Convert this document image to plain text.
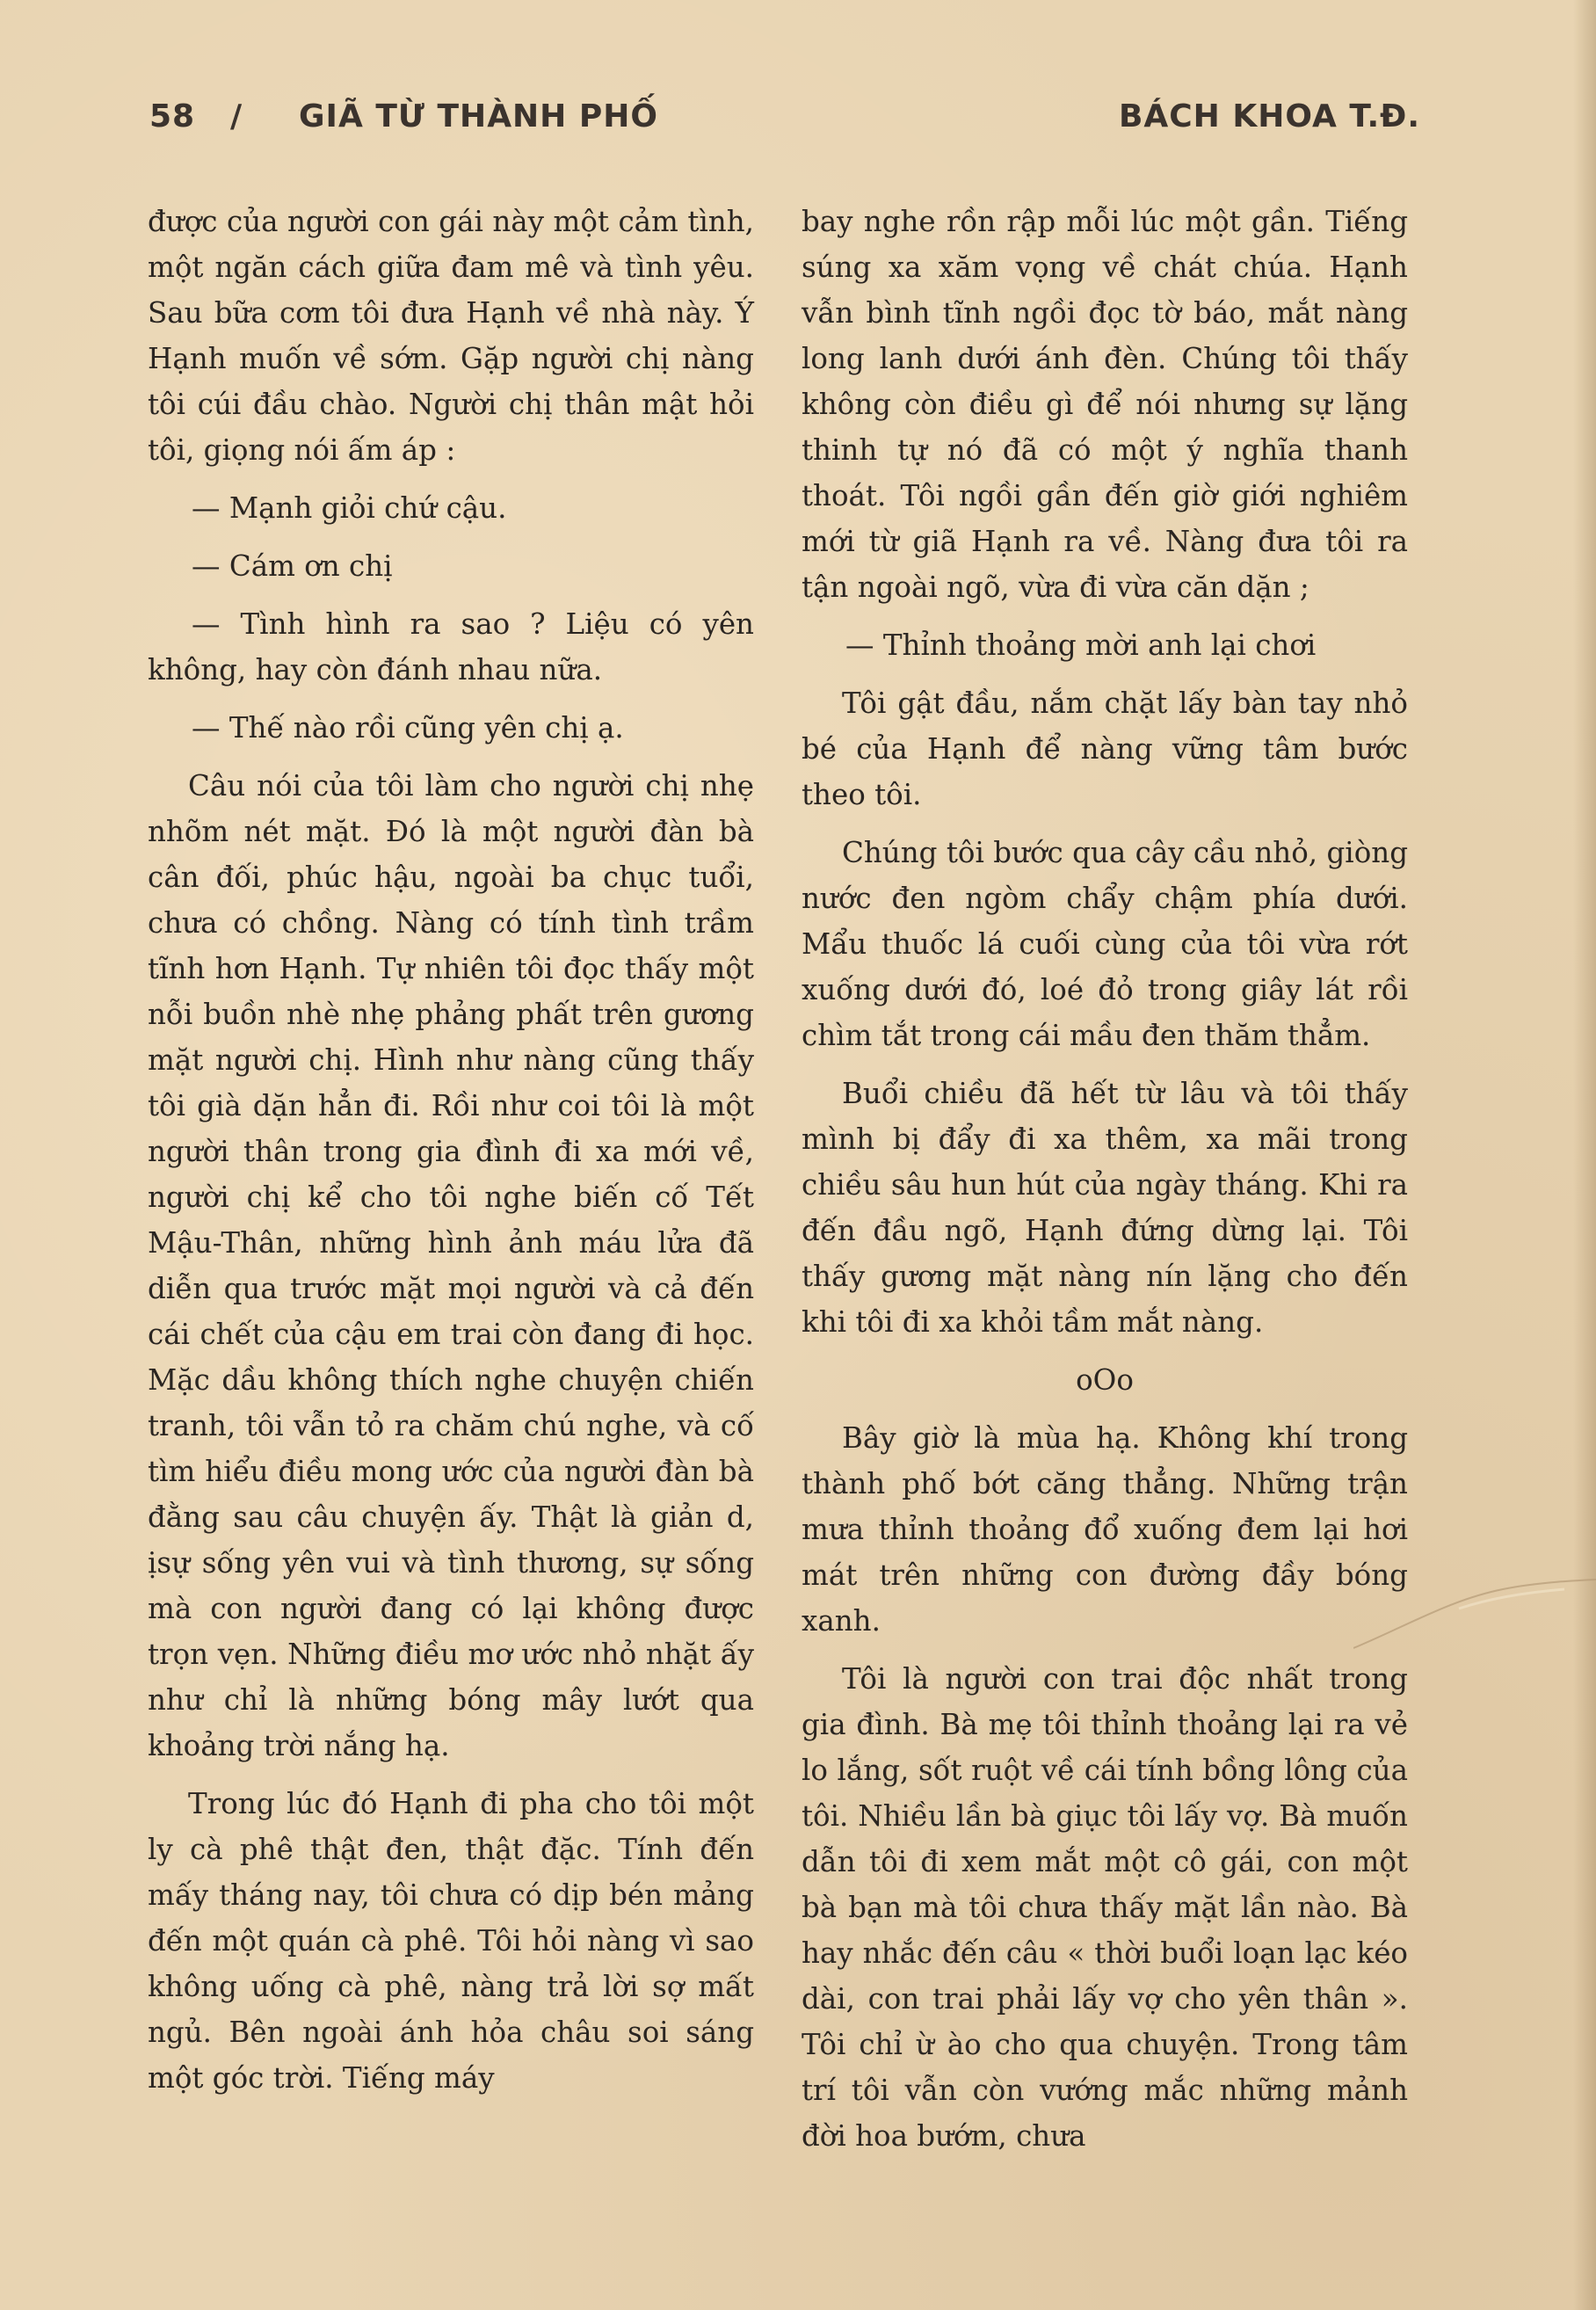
58 / GIÃ TỪ THÀNH PHỐ	BÁCH KHOA T.Đ.

được của người con gái này một cảm tình, một ngăn cách giữa đam mê và tình yêu. Sau bữa cơm tôi đưa Hạnh về nhà này. Ý Hạnh muốn về sớm. Gặp người chị nàng tôi cúi đầu chào. Người chị thân mật hỏi tôi, giọng nói ấm áp :

— Mạnh giỏi chứ cậu.

— Cám ơn chị

— Tình hình ra sao ? Liệu có yên không, hay còn đánh nhau nữa.

— Thế nào rồi cũng yên chị ạ.

Câu nói của tôi làm cho người chị nhẹ nhõm nét mặt. Đó là một người đàn bà cân đối, phúc hậu, ngoài ba chục tuổi, chưa có chồng. Nàng có tính tình trầm tĩnh hơn Hạnh. Tự nhiên tôi đọc thấy một nỗi buồn nhè nhẹ phảng phất trên gương mặt người chị. Hình như nàng cũng thấy tôi già dặn hẳn đi. Rồi như coi tôi là một người thân trong gia đình đi xa mới về, người chị kể cho tôi nghe biến cố Tết Mậu-Thân, những hình ảnh máu lửa đã diễn qua trước mặt mọi người và cả đến cái chết của cậu em trai còn đang đi học. Mặc dầu không thích nghe chuyện chiến tranh, tôi vẫn tỏ ra chăm chú nghe, và cố tìm hiểu điều mong ước của người đàn bà đằng sau câu chuyện ấy. Thật là giản d, ịsự sống yên vui và tình thương, sự sống mà con người đang có lại không được trọn vẹn. Những điều mơ ước nhỏ nhặt ấy như chỉ là những bóng mây lướt qua khoảng trời nắng hạ.

Trong lúc đó Hạnh đi pha cho tôi một ly cà phê thật đen, thật đặc. Tính đến mấy tháng nay, tôi chưa có dịp bén mảng đến một quán cà phê. Tôi hỏi nàng vì sao không uống cà phê, nàng trả lời sợ mất ngủ. Bên ngoài ánh hỏa châu soi sáng một góc trời. Tiếng máy

bay nghe rồn rập mỗi lúc một gần. Tiếng súng xa xăm vọng về chát chúa. Hạnh vẫn bình tĩnh ngồi đọc tờ báo, mắt nàng long lanh dưới ánh đèn. Chúng tôi thấy không còn điều gì để nói nhưng sự lặng thinh tự nó đã có một ý nghĩa thanh thoát. Tôi ngồi gần đến giờ giới nghiêm mới từ giã Hạnh ra về. Nàng đưa tôi ra tận ngoài ngõ, vừa đi vừa căn dặn ;

— Thỉnh thoảng mời anh lại chơi

Tôi gật đầu, nắm chặt lấy bàn tay nhỏ bé của Hạnh để nàng vững tâm bước theo tôi.

Chúng tôi bước qua cây cầu nhỏ, giòng nước đen ngòm chẩy chậm phía dưới. Mẩu thuốc lá cuối cùng của tôi vừa rớt xuống dưới đó, loé đỏ trong giây lát rồi chìm tắt trong cái mầu đen thăm thẳm.

Buổi chiều đã hết từ lâu và tôi thấy mình bị đẩy đi xa thêm, xa mãi trong chiều sâu hun hút của ngày tháng. Khi ra đến đầu ngõ, Hạnh đứng dừng lại. Tôi thấy gương mặt nàng nín lặng cho đến khi tôi đi xa khỏi tầm mắt nàng.

oOo

Bây giờ là mùa hạ. Không khí trong thành phố bớt căng thẳng. Những trận mưa thỉnh thoảng đổ xuống đem lại hơi mát trên những con đường đầy bóng xanh.

Tôi là người con trai độc nhất trong gia đình. Bà mẹ tôi thỉnh thoảng lại ra vẻ lo lắng, sốt ruột về cái tính bồng lông của tôi. Nhiều lần bà giục tôi lấy vợ. Bà muốn dẫn tôi đi xem mắt một cô gái, con một bà bạn mà tôi chưa thấy mặt lần nào. Bà hay nhắc đến câu « thời buổi loạn lạc kéo dài, con trai phải lấy vợ cho yên thân ». Tôi chỉ ừ ào cho qua chuyện. Trong tâm trí tôi vẫn còn vướng mắc những mảnh đời hoa bướm, chưa
